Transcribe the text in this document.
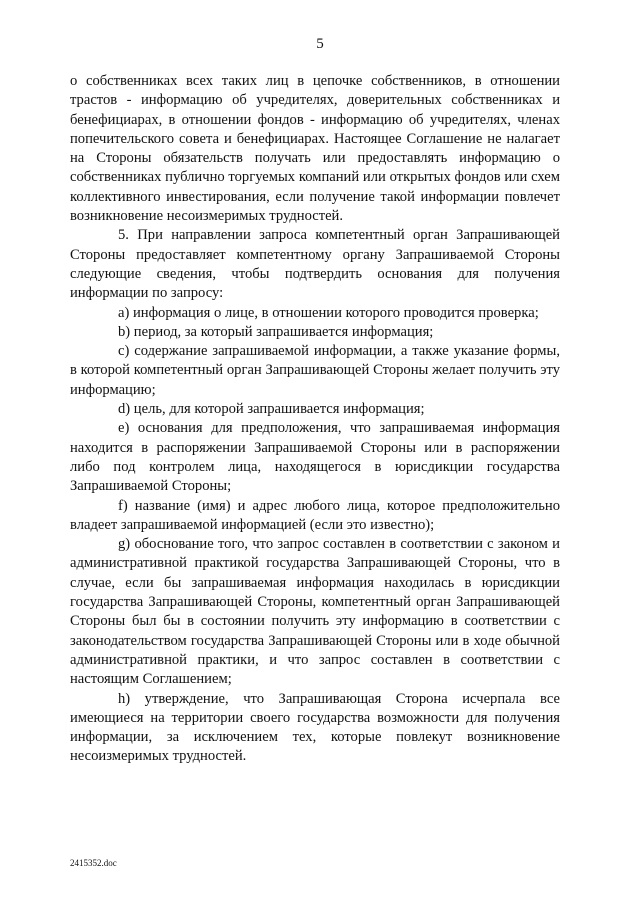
5

о собственниках всех таких лиц в цепочке собственников, в отношении трастов - информацию об учредителях, доверительных собственниках и бенефициарах, в отношении фондов - информацию об учредителях, членах попечительского совета и бенефициарах. Настоящее Соглашение не налагает на Стороны обязательств получать или предоставлять информацию о собственниках публично торгуемых компаний или открытых фондов или схем коллективного инвестирования, если получение такой информации повлечет возникновение несоизмеримых трудностей.

5. При направлении запроса компетентный орган Запрашивающей Стороны предоставляет компетентному органу Запрашиваемой Стороны следующие сведения, чтобы подтвердить основания для получения информации по запросу:

a) информация о лице, в отношении которого проводится проверка;

b) период, за который запрашивается информация;

c) содержание запрашиваемой информации, а также указание формы, в которой компетентный орган Запрашивающей Стороны желает получить эту информацию;

d) цель, для которой запрашивается информация;

e) основания для предположения, что запрашиваемая информация находится в распоряжении Запрашиваемой Стороны или в распоряжении либо под контролем лица, находящегося в юрисдикции государства Запрашиваемой Стороны;

f) название (имя) и адрес любого лица, которое предположительно владеет запрашиваемой информацией (если это известно);

g) обоснование того, что запрос составлен в соответствии с законом и административной практикой государства Запрашивающей Стороны, что в случае, если бы запрашиваемая информация находилась в юрисдикции государства Запрашивающей Стороны, компетентный орган Запрашивающей Стороны был бы в состоянии получить эту информацию в соответствии с законодательством государства Запрашивающей Стороны или в ходе обычной административной практики, и что запрос составлен в соответствии с настоящим Соглашением;

h) утверждение, что Запрашивающая Сторона исчерпала все имеющиеся на территории своего государства возможности для получения информации, за исключением тех, которые повлекут возникновение несоизмеримых трудностей.

2415352.doc
